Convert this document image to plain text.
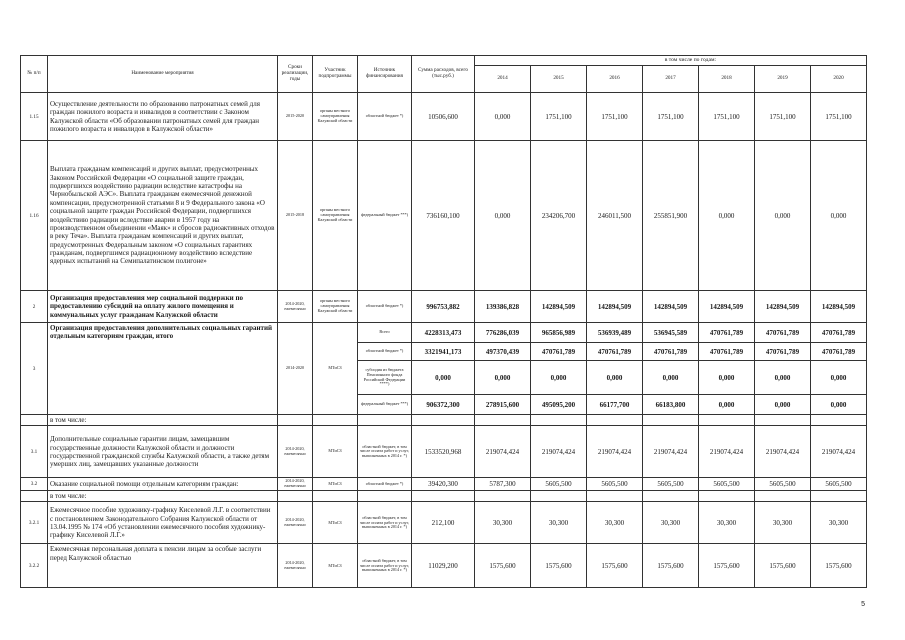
№ п/п	Наименование мероприятия	Сроки реализации, годы	Участник подпрограммы	Источник финансирования	Сумма расходов, всего (тыс.руб.)	в том числе по годам:						
						2014	2015	2016	2017	2018	2019	2020
1.15	Осуществление деятельности по образованию патронатных семей для граждан пожилого возраста и инвалидов в соответствии с Законом Калужской области «Об образовании патронатных семей для граждан пожилого возраста и инвалидов в Калужской области»	2015-2020	органы местного самоуправления Калужской области	областной бюджет *)	10506,600	0,000	1751,100	1751,100	1751,100	1751,100	1751,100	1751,100
1.16	Выплата гражданам компенсаций и других выплат, предусмотренных Законом Российской Федерации «О социальной защите граждан, подвергшихся воздействию радиации вследствие катастрофы на Чернобыльской АЭС». Выплата гражданам ежемесячной денежной компенсации, предусмотренной статьями 8 и 9 Федерального закона «О социальной защите граждан Российской Федерации, подвергшихся воздействию радиации вследствие аварии в 1957 году на производственном объединении «Маяк» и сбросов радиоактивных отходов в реку Теча». Выплата гражданам компенсаций и других выплат, предусмотренных Федеральным законом «О социальных гарантиях гражданам, подвергшимся радиационному воздействию вследствие ядерных испытаний на Семипалатинском полигоне»	2015-2018	органы местного самоуправления Калужской области	федеральный бюджет ***)	736160,100	0,000	234206,700	246011,500	255851,900	0,000	0,000	0,000
2	Организация предоставления мер социальной поддержки по предоставлению субсидий на оплату жилого помещения и коммунальных услуг гражданам Калужской области	2014-2020, ежемесячно	органы местного самоуправления Калужской области	областной бюджет *)	996753,882	139386,828	142894,509	142894,509	142894,509	142894,509	142894,509	142894,509
3	Организация предоставления дополнительных социальных гарантий отдельным категориям граждан, итого	2014-2020	МТиСЗ	Всего	4228313,473	776286,039	965856,989	536939,489	536945,589	470761,789	470761,789	470761,789
				областной бюджет *)	3321941,173	497370,439	470761,789	470761,789	470761,789	470761,789	470761,789	470761,789
				субсидия из бюджета Пенсионного фонда Российской Федерации ****)	0,000	0,000	0,000	0,000	0,000	0,000	0,000	0,000
				федеральный бюджет ***)	906372,300	278915,600	495095,200	66177,700	66183,800	0,000	0,000	0,000
	в том числе:											
3.1	Дополнительные социальные гарантии лицам, замещавшим государственные должности Калужской области и должности государственной гражданской службы Калужской области, а также детям умерших лиц, замещавших указанные должности	2014-2020, ежемесячно	МТиСЗ	областной бюджет, в том числе оплата работ и услуг, выполненных в 2014 г. *)	1533520,968	219074,424	219074,424	219074,424	219074,424	219074,424	219074,424	219074,424
3.2	Оказание социальной помощи отдельным категориям граждан:	2014-2020, ежемесячно	МТиСЗ	областной бюджет *)	39420,300	5787,300	5605,500	5605,500	5605,500	5605,500	5605,500	5605,500
	в том числе:											
3.2.1	Ежемесячное пособие художнику-графику Киселевой Л.Г. в соответствии с постановлением Законодательного Собрания Калужской области от 13.04.1995 № 174 «Об установлении ежемесячного пособия художнику-графику Киселевой Л.Г.»	2014-2020, ежемесячно	МТиСЗ	областной бюджет, в том числе оплата работ и услуг, выполненных в 2014 г. *)	212,100	30,300	30,300	30,300	30,300	30,300	30,300	30,300
3.2.2	Ежемесячная персональная доплата к пенсии лицам за особые заслуги перед Калужской областью	2014-2020, ежемесячно	МТиСЗ	областной бюджет, в том числе оплата работ и услуг, выполненных в 2014 г. *)	11029,200	1575,600	1575,600	1575,600	1575,600	1575,600	1575,600	1575,600
5
